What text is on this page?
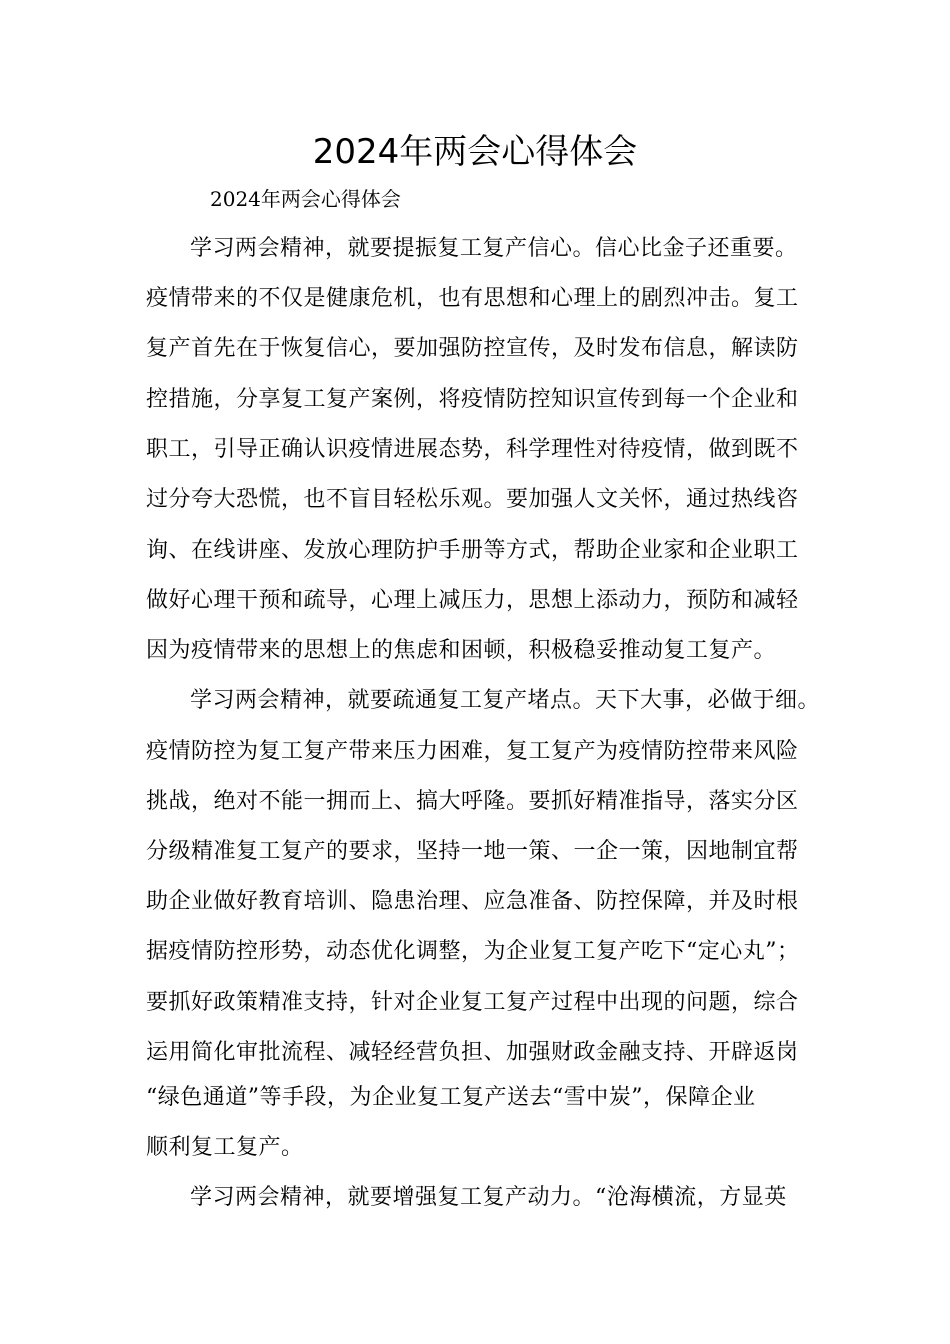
2024年两会心得体会
2024年两会心得体会
学习两会精神，就要提振复工复产信心。信心比金子还重要。
疫情带来的不仅是健康危机，也有思想和心理上的剧烈冲击。复工
复产首先在于恢复信心，要加强防控宣传，及时发布信息，解读防
控措施，分享复工复产案例，将疫情防控知识宣传到每一个企业和
职工，引导正确认识疫情进展态势，科学理性对待疫情，做到既不
过分夸大恐慌，也不盲目轻松乐观。要加强人文关怀，通过热线咨
询、在线讲座、发放心理防护手册等方式，帮助企业家和企业职工
做好心理干预和疏导，心理上减压力，思想上添动力，预防和减轻
因为疫情带来的思想上的焦虑和困顿，积极稳妥推动复工复产。
学习两会精神，就要疏通复工复产堵点。天下大事，必做于细。
疫情防控为复工复产带来压力困难，复工复产为疫情防控带来风险
挑战，绝对不能一拥而上、搞大呼隆。要抓好精准指导，落实分区
分级精准复工复产的要求，坚持一地一策、一企一策，因地制宜帮
助企业做好教育培训、隐患治理、应急准备、防控保障，并及时根
据疫情防控形势，动态优化调整，为企业复工复产吃下“定心丸”；
要抓好政策精准支持，针对企业复工复产过程中出现的问题，综合
运用简化审批流程、减轻经营负担、加强财政金融支持、开辟返岗
“绿色通道”等手段，为企业复工复产送去“雪中炭”，保障企业
顺利复工复产。
学习两会精神，就要增强复工复产动力。“沧海横流，方显英
